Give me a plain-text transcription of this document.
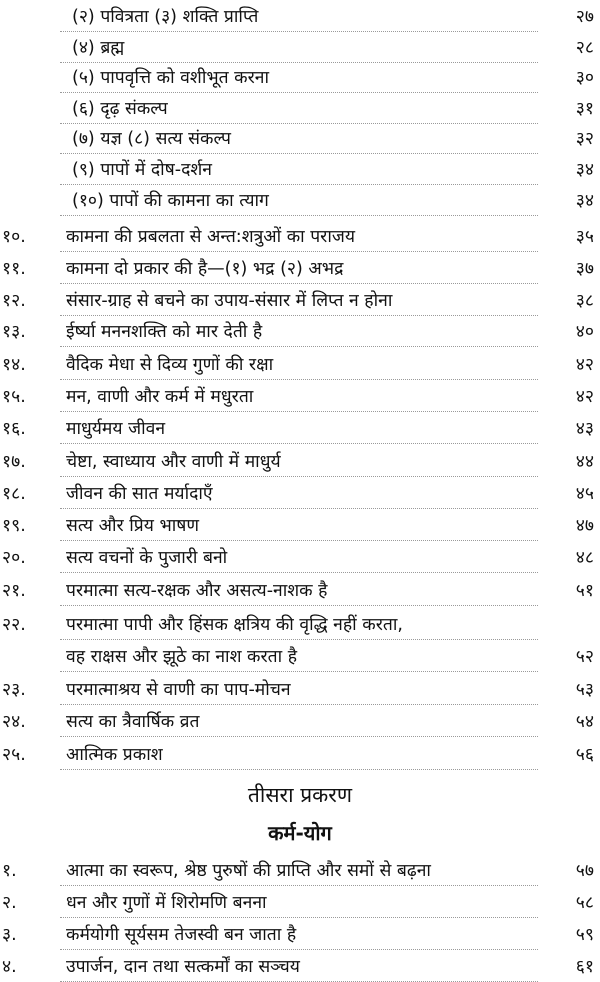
(२) पवित्रता (३) शक्ति प्राप्ति	२७
(४) ब्रह्म	२८
(५) पापवृत्ति को वशीभूत करना	३०
(६) दृढ़ संकल्प	३१
(७) यज्ञ (८) सत्य संकल्प	३२
(९) पापों में दोष-दर्शन	३४
(१०) पापों की कामना का त्याग	३४
१०. कामना की प्रबलता से अन्त:शत्रुओं का पराजय	३५
११. कामना दो प्रकार की है—(१) भद्र (२) अभद्र	३७
१२. संसार-ग्राह से बचने का उपाय-संसार में लिप्त न होना	३८
१३. ईर्ष्या मननशक्ति को मार देती है	४०
१४. वैदिक मेधा से दिव्य गुणों की रक्षा	४२
१५. मन, वाणी और कर्म में मधुरता	४२
१६. माधुर्यमय जीवन	४३
१७. चेष्टा, स्वाध्याय और वाणी में माधुर्य	४४
१८. जीवन की सात मर्यादाएँ	४५
१९. सत्य और प्रिय भाषण	४७
२०. सत्य वचनों के पुजारी बनो	४८
२१. परमात्मा सत्य-रक्षक और असत्य-नाशक है	५१
२२. परमात्मा पापी और हिंसक क्षत्रिय की वृद्धि नहीं करता,
वह राक्षस और झूठे का नाश करता है	५२
२३. परमात्माश्रय से वाणी का पाप-मोचन	५३
२४. सत्य का त्रैवार्षिक व्रत	५४
२५. आत्मिक प्रकाश	५६
तीसरा प्रकरण
कर्म-योग
१.	आत्मा का स्वरूप, श्रेष्ठ पुरुषों की प्राप्ति और समों से बढ़ना	५७
२.	धन और गुणों में शिरोमणि बनना	५८
३.	कर्मयोगी सूर्यसम तेजस्वी बन जाता है	५९
४.	उपार्जन, दान तथा सत्कर्मों का सञ्चय	६१
